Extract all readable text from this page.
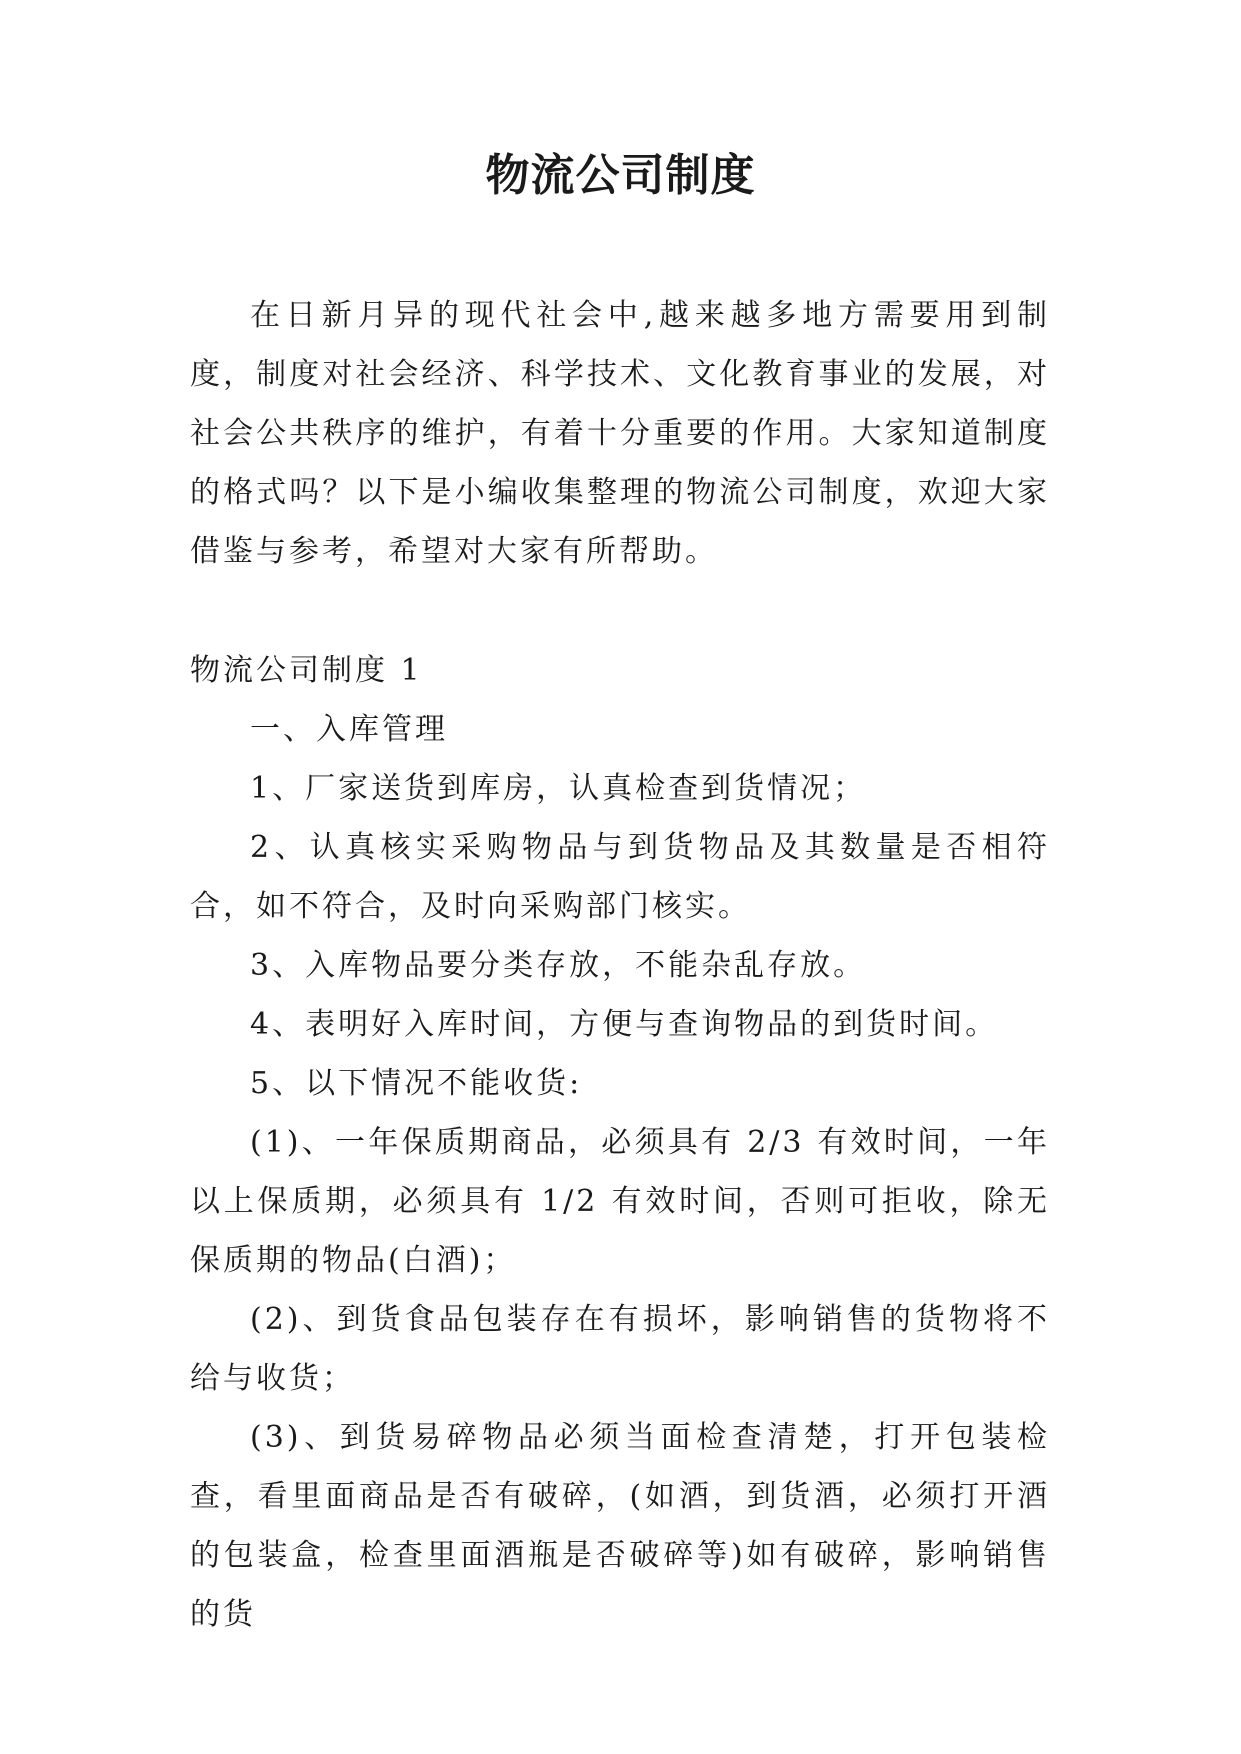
物流公司制度

在日新月异的现代社会中,越来越多地方需要用到制度，制度对社会经济、科学技术、文化教育事业的发展，对社会公共秩序的维护，有着十分重要的作用。大家知道制度的格式吗？以下是小编收集整理的物流公司制度，欢迎大家借鉴与参考，希望对大家有所帮助。

物流公司制度 1

一、入库管理

1、厂家送货到库房，认真检查到货情况；

2、认真核实采购物品与到货物品及其数量是否相符合，如不符合，及时向采购部门核实。

3、入库物品要分类存放，不能杂乱存放。

4、表明好入库时间，方便与查询物品的到货时间。

5、以下情况不能收货:

(1)、一年保质期商品，必须具有 2/3 有效时间，一年以上保质期，必须具有 1/2 有效时间，否则可拒收，除无保质期的物品(白酒)；

(2)、到货食品包装存在有损坏，影响销售的货物将不给与收货；

(3)、到货易碎物品必须当面检查清楚，打开包装检查，看里面商品是否有破碎，(如酒，到货酒，必须打开酒的包装盒，检查里面酒瓶是否破碎等)如有破碎，影响销售的货
